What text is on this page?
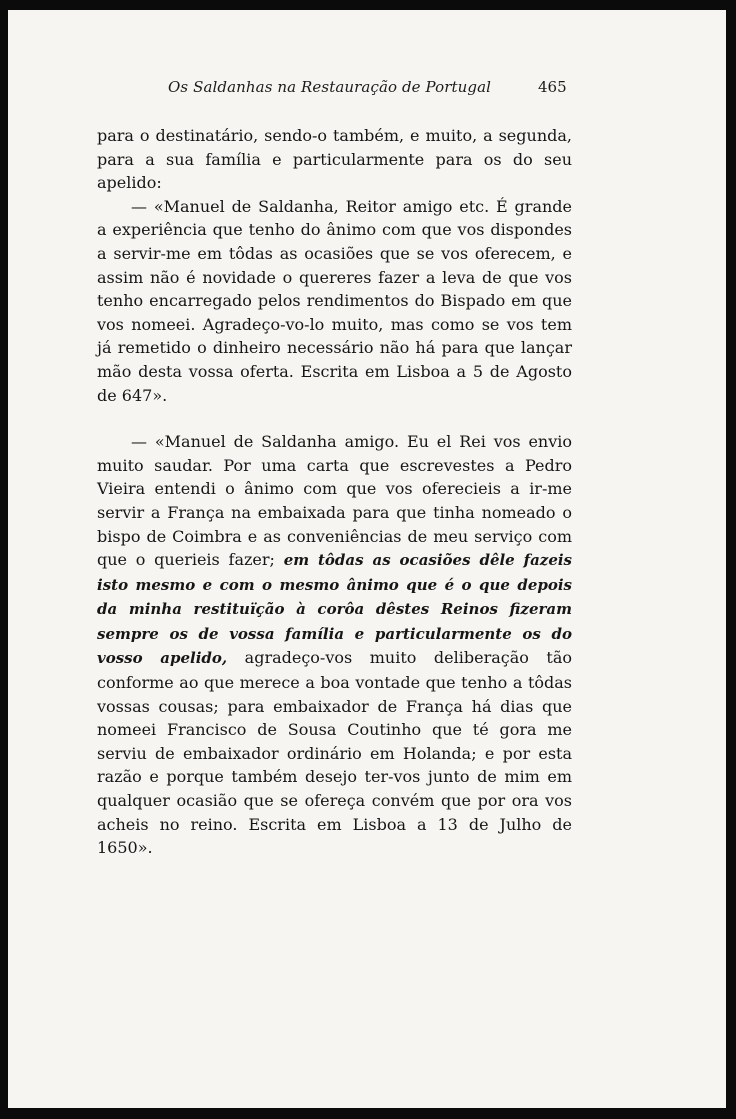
Os Saldanhas na Restauração de Portugal	465

para o destinatário, sendo-o também, e muito, a segunda, para a sua família e particularmente para os do seu apelido:

— «Manuel de Saldanha, Reitor amigo etc. É grande a experiência que tenho do ânimo com que vos dispondes a servir-me em tôdas as ocasiões que se vos oferecem, e assim não é novidade o quereres fazer a leva de que vos tenho encarregado pelos rendimentos do Bispado em que vos nomeei. Agradeço-vo-lo muito, mas como se vos tem já remetido o dinheiro necessário não há para que lançar mão desta vossa oferta. Escrita em Lisboa a 5 de Agosto de 647».

— «Manuel de Saldanha amigo. Eu el Rei vos envio muito saudar. Por uma carta que escrevestes a Pedro Vieira entendi o ânimo com que vos oferecieis a ir-me servir a França na embaixada para que tinha nomeado o bispo de Coimbra e as conveniências de meu serviço com que o querieis fazer; em tôdas as ocasiões dêle fazeis isto mesmo e com o mesmo ânimo que é o que depois da minha restituïção à corôa dêstes Reinos fizeram sempre os de vossa família e particularmente os do vosso apelido, agradeço-vos muito deliberação tão conforme ao que merece a boa vontade que tenho a tôdas vossas cousas; para embaixador de França há dias que nomeei Francisco de Sousa Coutinho que té gora me serviu de embaixador ordinário em Holanda; e por esta razão e porque também desejo ter-vos junto de mim em qualquer ocasião que se ofereça convém que por ora vos acheis no reino. Escrita em Lisboa a 13 de Julho de 1650».
